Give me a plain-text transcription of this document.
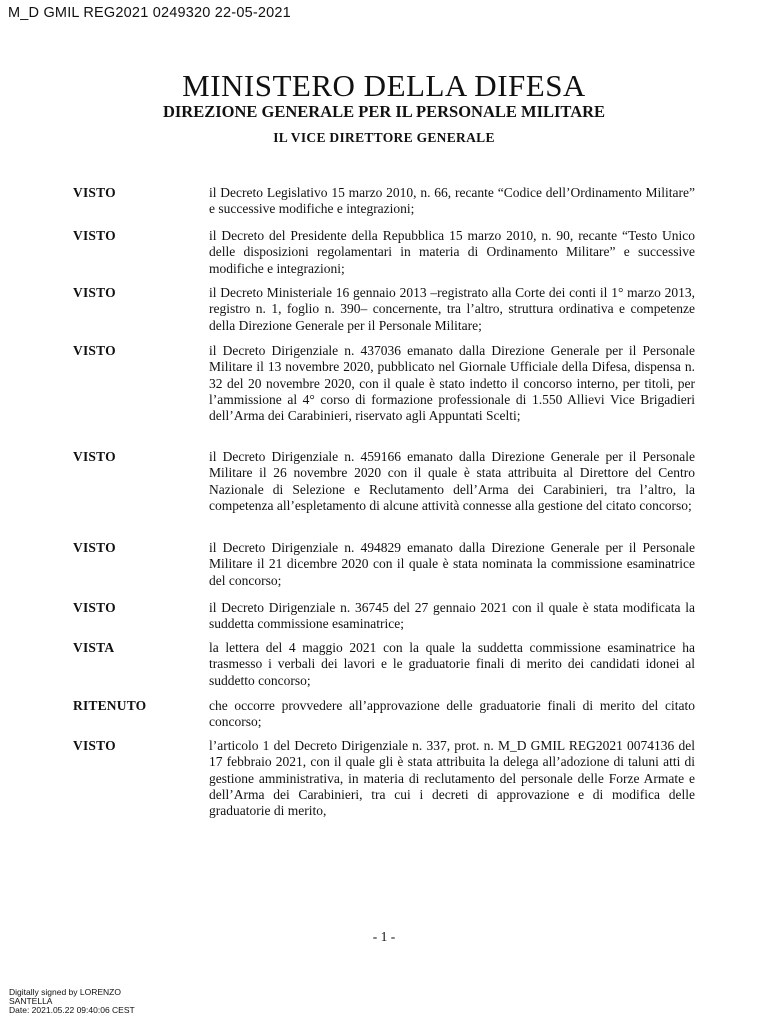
M_D GMIL REG2021 0249320 22-05-2021
MINISTERO DELLA DIFESA
DIREZIONE GENERALE PER IL PERSONALE MILITARE
IL VICE DIRETTORE GENERALE
VISTO	il Decreto Legislativo 15 marzo 2010, n. 66, recante “Codice dell’Ordinamento Militare” e successive modifiche e integrazioni;
VISTO	il Decreto del Presidente della Repubblica 15 marzo 2010, n. 90, recante “Testo Unico delle disposizioni regolamentari in materia di Ordinamento Militare” e successive modifiche e integrazioni;
VISTO	il Decreto Ministeriale 16 gennaio 2013 –registrato alla Corte dei conti il 1° marzo 2013, registro n. 1, foglio n. 390– concernente, tra l’altro, struttura ordinativa e competenze della Direzione Generale per il Personale Militare;
VISTO	il Decreto Dirigenziale n. 437036 emanato dalla Direzione Generale per il Personale Militare il 13 novembre 2020, pubblicato nel Giornale Ufficiale della Difesa, dispensa n. 32 del 20 novembre 2020, con il quale è stato indetto il concorso interno, per titoli, per l’ammissione al 4° corso di formazione professionale di 1.550 Allievi Vice Brigadieri dell’Arma dei Carabinieri, riservato agli Appuntati Scelti;
VISTO	il Decreto Dirigenziale n. 459166 emanato dalla Direzione Generale per il Personale Militare il 26 novembre 2020 con il quale è stata attribuita al Direttore del Centro Nazionale di Selezione e Reclutamento dell’Arma dei Carabinieri, tra l’altro, la competenza all’espletamento di alcune attività connesse alla gestione del citato concorso;
VISTO	il Decreto Dirigenziale n. 494829 emanato dalla Direzione Generale per il Personale Militare il 21 dicembre 2020 con il quale è stata nominata la commissione esaminatrice del concorso;
VISTO	il Decreto Dirigenziale n. 36745 del 27 gennaio 2021 con il quale è stata modificata la suddetta commissione esaminatrice;
VISTA	la lettera del 4 maggio 2021 con la quale la suddetta commissione esaminatrice ha trasmesso i verbali dei lavori e le graduatorie finali di merito dei candidati idonei al suddetto concorso;
RITENUTO	che occorre provvedere all’approvazione delle graduatorie finali di merito del citato concorso;
VISTO	l’articolo 1 del Decreto Dirigenziale n. 337, prot. n. M_D GMIL REG2021 0074136 del 17 febbraio 2021, con il quale gli è stata attribuita la delega all’adozione di taluni atti di gestione amministrativa, in materia di reclutamento del personale delle Forze Armate e dell’Arma dei Carabinieri, tra cui i decreti di approvazione e di modifica delle graduatorie di merito,
- 1 -
Digitally signed by LORENZO
SANTELLA
Date: 2021.05.22 09:40:06 CEST
